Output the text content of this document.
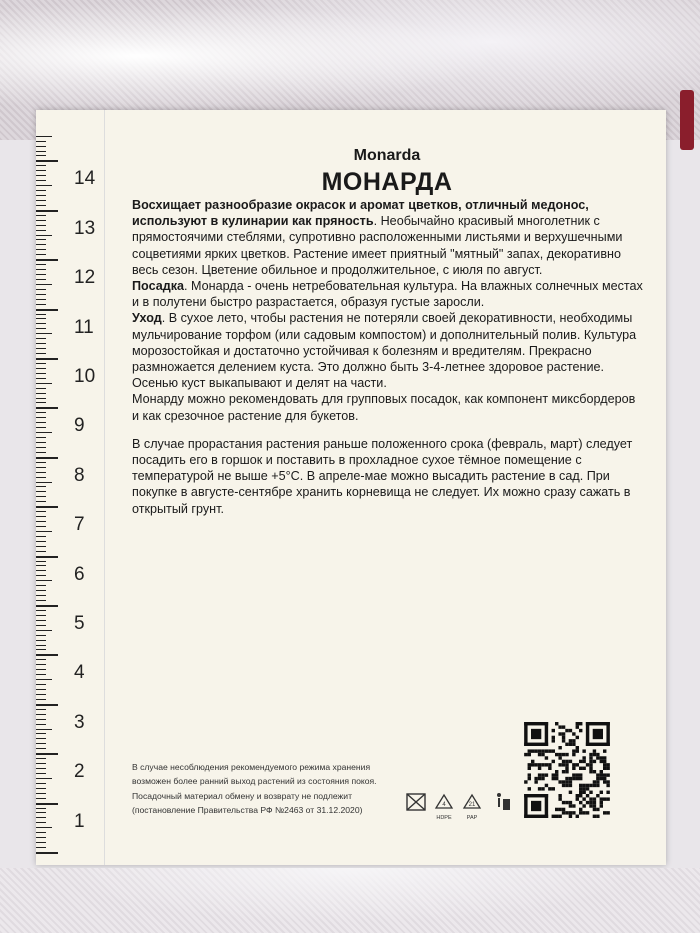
1
2
3
4
5
6
7
8
9
10
11
12
13
14
Monarda
МОНАРДА

Восхищает разнообразие окрасок и аромат цветков, отличный медонос, используют в кулинарии как пряность. Необычайно красивый многолетник с прямостоячими стеблями, супротивно расположенными листьями и верхушечными соцветиями ярких цветков. Растение имеет приятный "мятный" запах, декоративно весь сезон. Цветение обильное и продолжительное, с июля по август.

Посадка. Монарда - очень нетребовательная культура. На влажных солнечных местах и в полутени быстро разрастается, образуя густые заросли.

Уход. В сухое лето, чтобы растения не потеряли своей декоративности, необходимы мульчирование торфом (или садовым компостом) и дополнительный полив. Культура морозостойкая и достаточно устойчивая к болезням и вредителям. Прекрасно размножается делением куста. Это должно быть 3-4-летнее здоровое растение. Осенью куст выкапывают и делят на части.

Монарду можно рекомендовать для групповых посадок, как компонент миксбордеров и как срезочное растение для букетов.

В случае прорастания растения раньше положенного срока (февраль, март) следует посадить его в горшок и поставить в прохладное сухое тёмное помещение с температурой не выше +5°С. В апреле-мае можно высадить растение в сад. При покупке в августе-сентябре хранить корневища не следует. Их можно сразу сажать в открытый грунт.

В случае несоблюдения рекомендуемого режима хранения
возможен более ранний выход растений из состояния покоя.
Посадочный материал обмену и возврату не подлежит
(постановление Правительства РФ №2463 от 31.12.2020)
4
HDPE
21
PAP
